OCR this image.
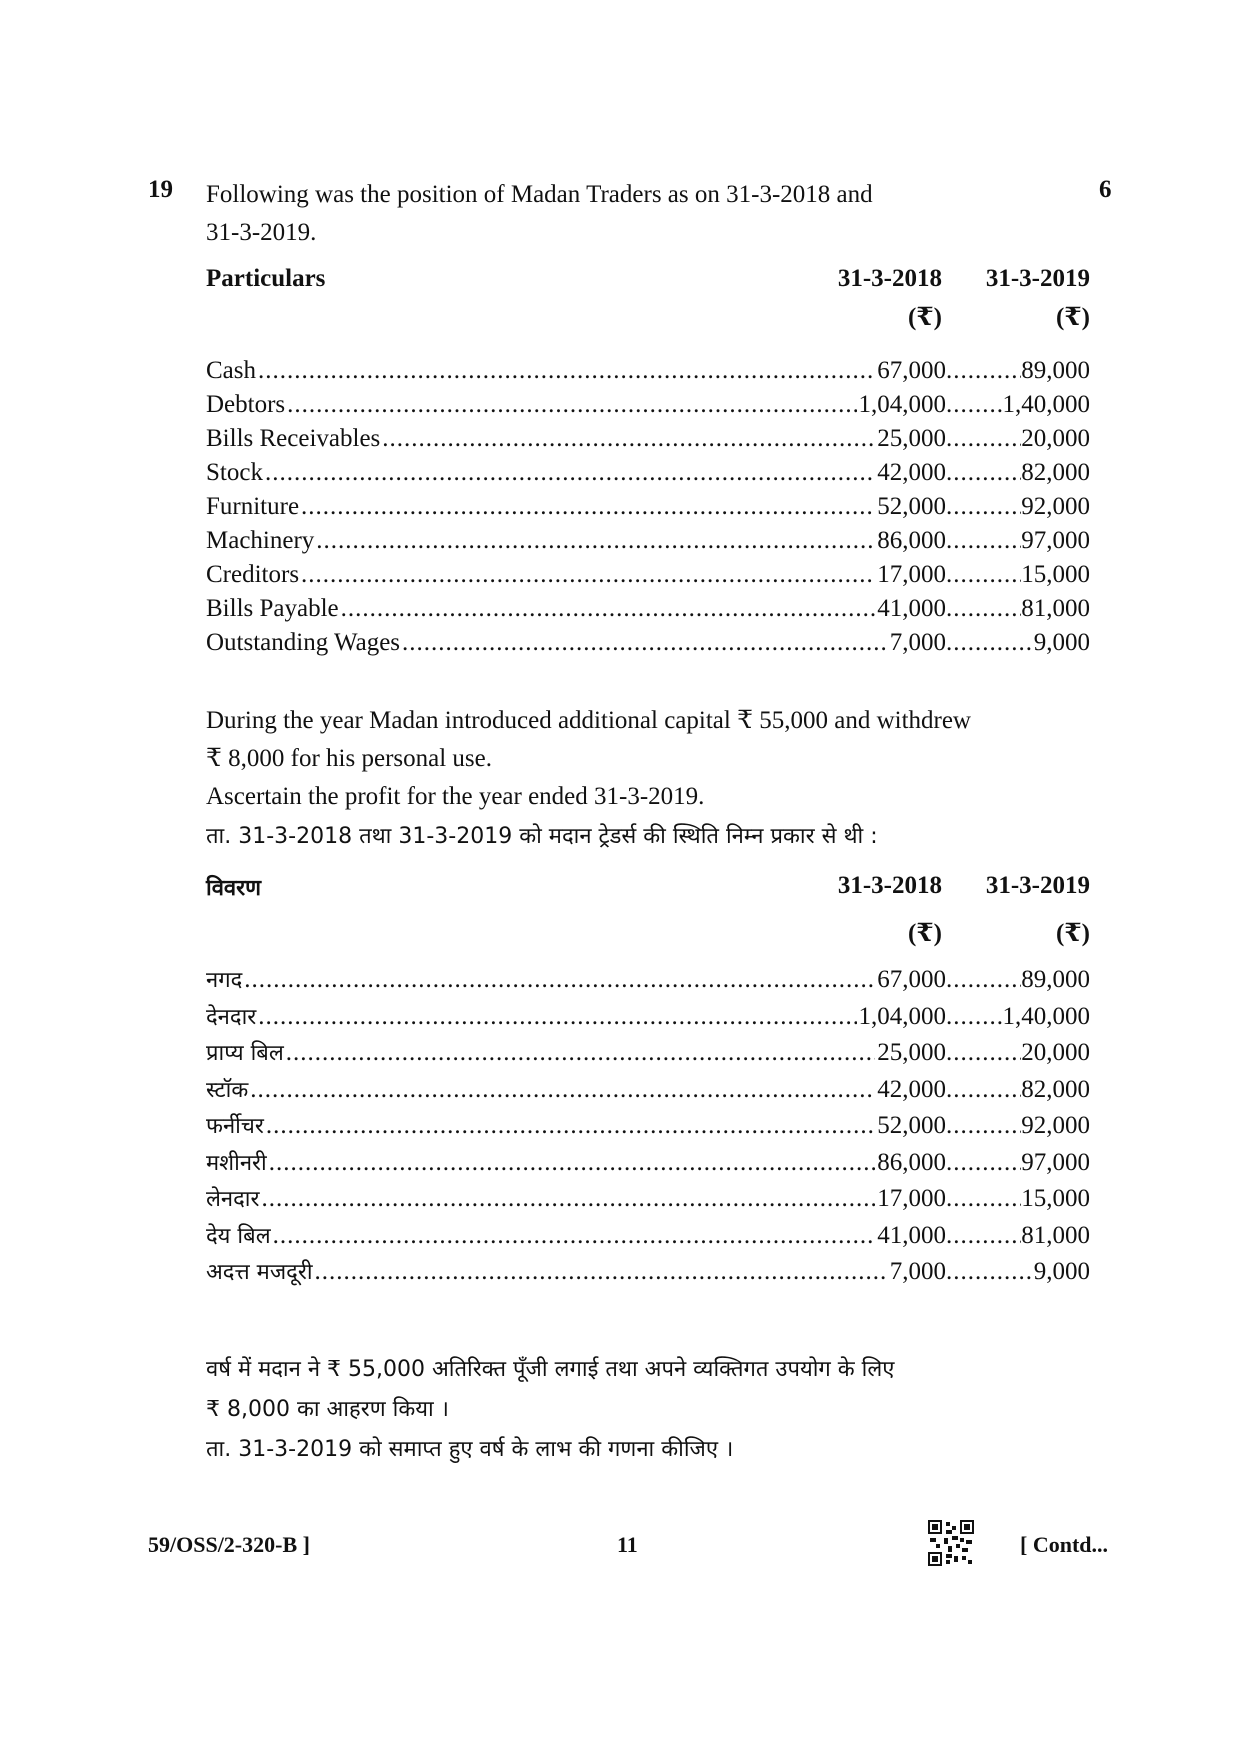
19	6
Following was the position of Madan Traders as on 31-3-2018 and
31-3-2019.
Particulars	31-3-2018 31-3-2019
(₹)	(₹)
Cash .....	67,000 .....	89,000
Debtors .....	1,04,000 ..... 1,40,000
Bills Receivables .....	25,000 .....	20,000
Stock .....	42,000 .....	82,000
Furniture .....	52,000 .....	92,000
Machinery .....	86,000 .....	97,000
Creditors .....	17,000 .....	15,000
Bills Payable .....	41,000 .....	81,000
Outstanding Wages .....	7,000 .....	9,000
During the year Madan introduced additional capital ₹ 55,000 and withdrew
₹ 8,000 for his personal use.
Ascertain the profit for the year ended 31-3-2019.
ता. 31-3-2018 तथा 31-3-2019 को मदान ट्रेडर्स की स्थिति निम्न प्रकार से थी :
विवरण	31-3-2018 31-3-2019
(₹)	(₹)
नगद .....	67,000 .....	89,000
देनदार .....	1,04,000 ..... 1,40,000
प्राप्य बिल .....	25,000 .....	20,000
स्टॉक .....	42,000 .....	82,000
फर्नीचर .....	52,000 .....	92,000
मशीनरी .....	86,000 .....	97,000
लेनदार .....	17,000 .....	15,000
देय बिल .....	41,000 .....	81,000
अदत्त मजदूरी .....	7,000 .....	9,000
वर्ष में मदान ने ₹ 55,000 अतिरिक्त पूँजी लगाई तथा अपने व्यक्तिगत उपयोग के लिए
₹ 8,000 का आहरण किया ।
ता. 31-3-2019 को समाप्त हुए वर्ष के लाभ की गणना कीजिए ।
59/OSS/2-320-B ]	11	[ Contd...
